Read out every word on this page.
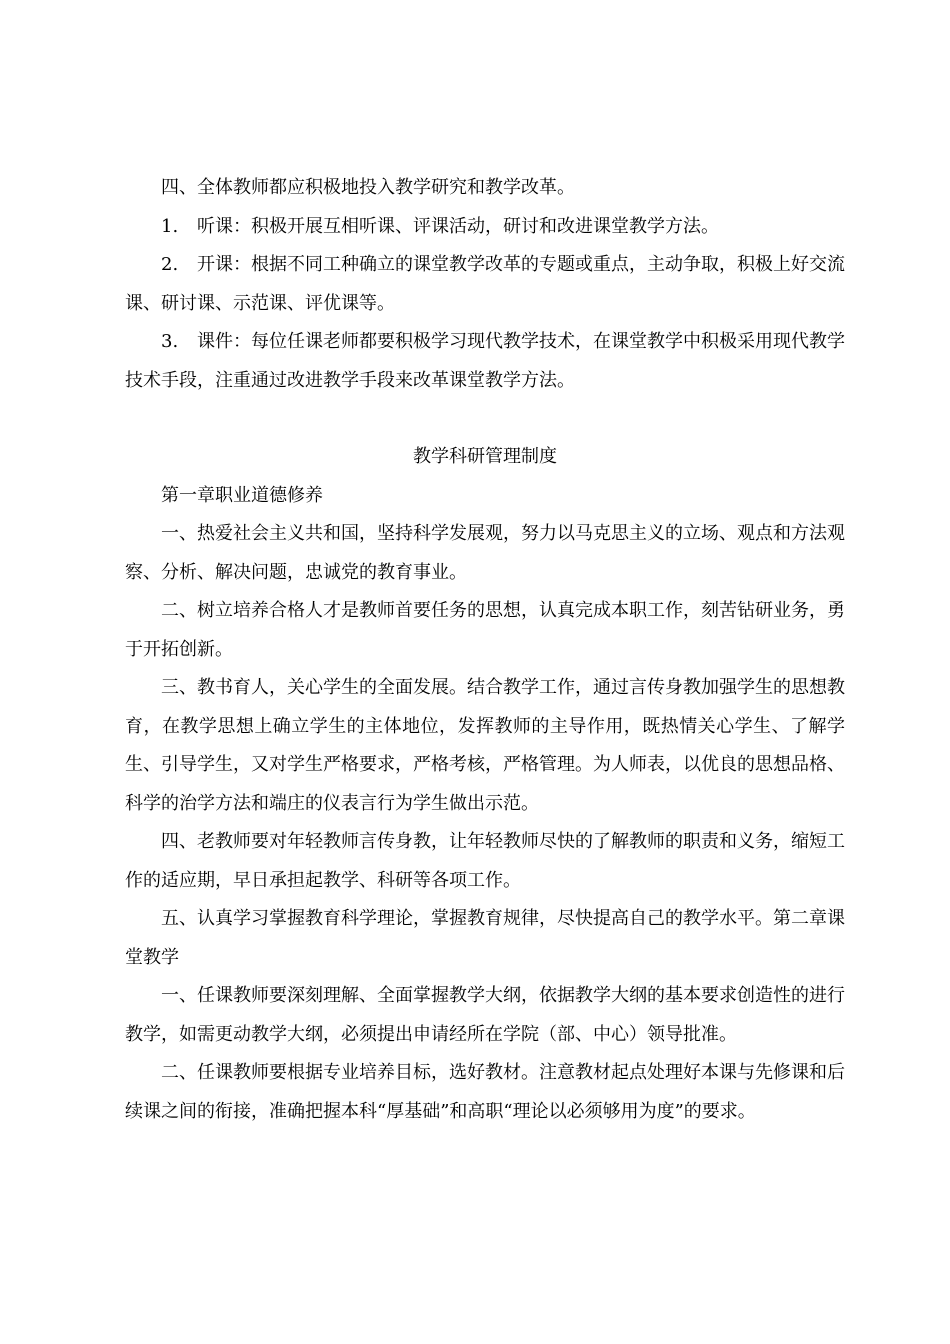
四、全体教师都应积极地投入教学研究和教学改革。

1. 听课：积极开展互相听课、评课活动，研讨和改进课堂教学方法。

2. 开课：根据不同工种确立的课堂教学改革的专题或重点，主动争取，积极上好交流课、研讨课、示范课、评优课等。

3. 课件：每位任课老师都要积极学习现代教学技术，在课堂教学中积极采用现代教学技术手段，注重通过改进教学手段来改革课堂教学方法。

教学科研管理制度

第一章职业道德修养

一、热爱社会主义共和国，坚持科学发展观，努力以马克思主义的立场、观点和方法观察、分析、解决问题，忠诚党的教育事业。

二、树立培养合格人才是教师首要任务的思想，认真完成本职工作，刻苦钻研业务，勇于开拓创新。

三、教书育人，关心学生的全面发展。结合教学工作，通过言传身教加强学生的思想教育，在教学思想上确立学生的主体地位，发挥教师的主导作用，既热情关心学生、了解学生、引导学生，又对学生严格要求，严格考核，严格管理。为人师表，以优良的思想品格、科学的治学方法和端庄的仪表言行为学生做出示范。

四、老教师要对年轻教师言传身教，让年轻教师尽快的了解教师的职责和义务，缩短工作的适应期，早日承担起教学、科研等各项工作。

五、认真学习掌握教育科学理论，掌握教育规律，尽快提高自己的教学水平。第二章课堂教学

一、任课教师要深刻理解、全面掌握教学大纲，依据教学大纲的基本要求创造性的进行教学，如需更动教学大纲，必须提出申请经所在学院（部、中心）领导批准。

二、任课教师要根据专业培养目标，选好教材。注意教材起点处理好本课与先修课和后续课之间的衔接，准确把握本科“厚基础”和高职“理论以必须够用为度”的要求。
